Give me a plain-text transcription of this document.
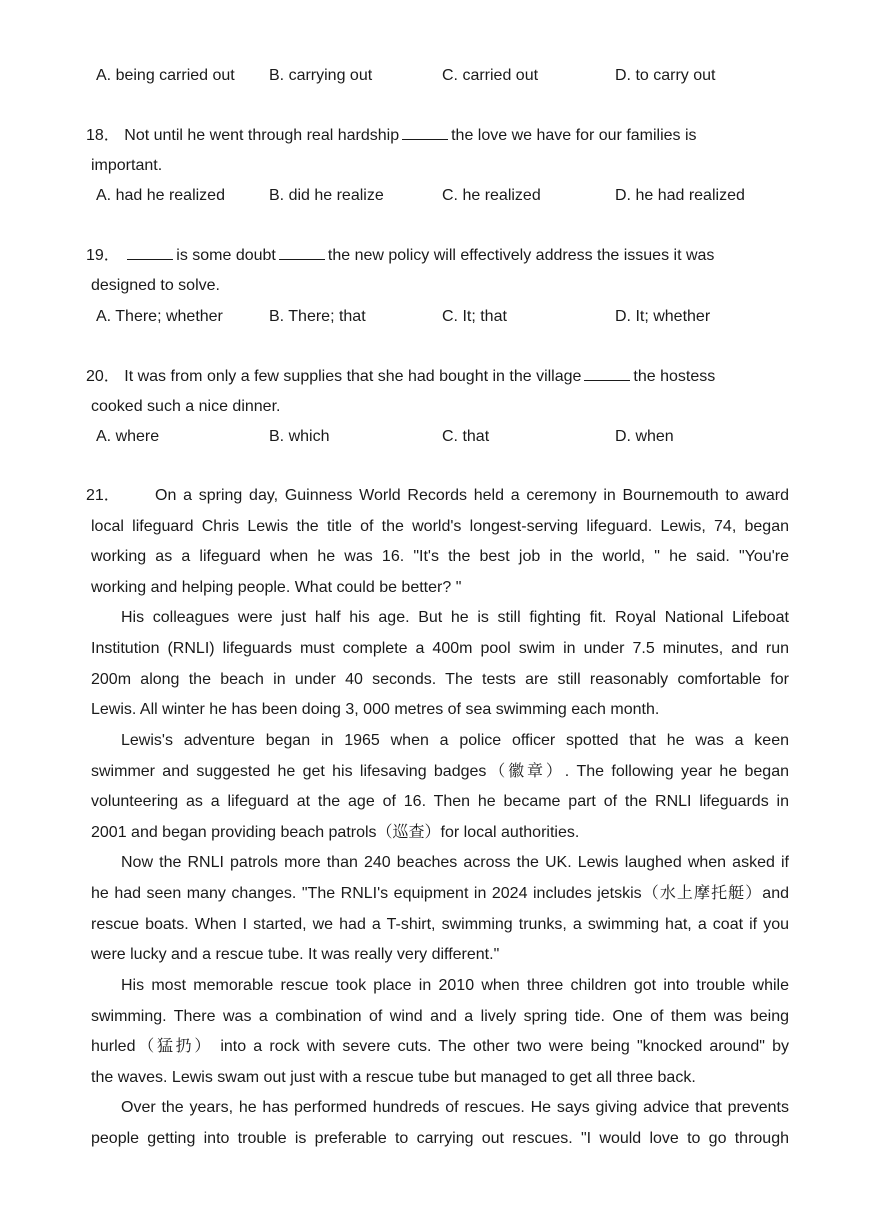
A. being carried out B. carrying out	C. carried out	D. to carry out
18． Not until he went through real hardship	the love we have for our families is
important.
A. had he realized	B. did he realize	C. he realized	D. he had realized
19．	is some doubt	the new policy will effectively address the issues it was
designed to solve.
A. There; whether	B. There; that	C. It; that	D. It; whether
20． It was from only a few supplies that she had bought in the village	the hostess
cooked such a nice dinner.
A. where	B. which	C. that	D. when
21． On a spring day, Guinness World Records held a ceremony in Bournemouth to award
local lifeguard Chris Lewis the title of the world's longest-serving lifeguard. Lewis, 74, began
working as a lifeguard when he was 16. "It's the best job in the world, " he said. "You're
working and helping people. What could be better? "
His colleagues were just half his age. But he is still fighting fit. Royal National Lifeboat
Institution (RNLI) lifeguards must complete a 400m pool swim in under 7.5 minutes, and run
200m along the beach in under 40 seconds. The tests are still reasonably comfortable for
Lewis. All winter he has been doing 3, 000 metres of sea swimming each month.
Lewis's adventure began in 1965 when a police officer spotted that he was a keen
swimmer and suggested he get his lifesaving badges（徽章）. The following year he began
volunteering as a lifeguard at the age of 16. Then he became part of the RNLI lifeguards in
2001 and began providing beach patrols（巡查）for local authorities.
Now the RNLI patrols more than 240 beaches across the UK. Lewis laughed when asked if
he had seen many changes. "The RNLI's equipment in 2024 includes jetskis（水上摩托艇）and
rescue boats. When I started, we had a T-shirt, swimming trunks, a swimming hat, a coat if you
were lucky and a rescue tube. It was really very different."
His most memorable rescue took place in 2010 when three children got into trouble while
swimming. There was a combination of wind and a lively spring tide. One of them was being
hurled（猛扔） into a rock with severe cuts. The other two were being "knocked around" by
the waves. Lewis swam out just with a rescue tube but managed to get all three back.
Over the years, he has performed hundreds of rescues. He says giving advice that prevents
people getting into trouble is preferable to carrying out rescues. "I would love to go through
